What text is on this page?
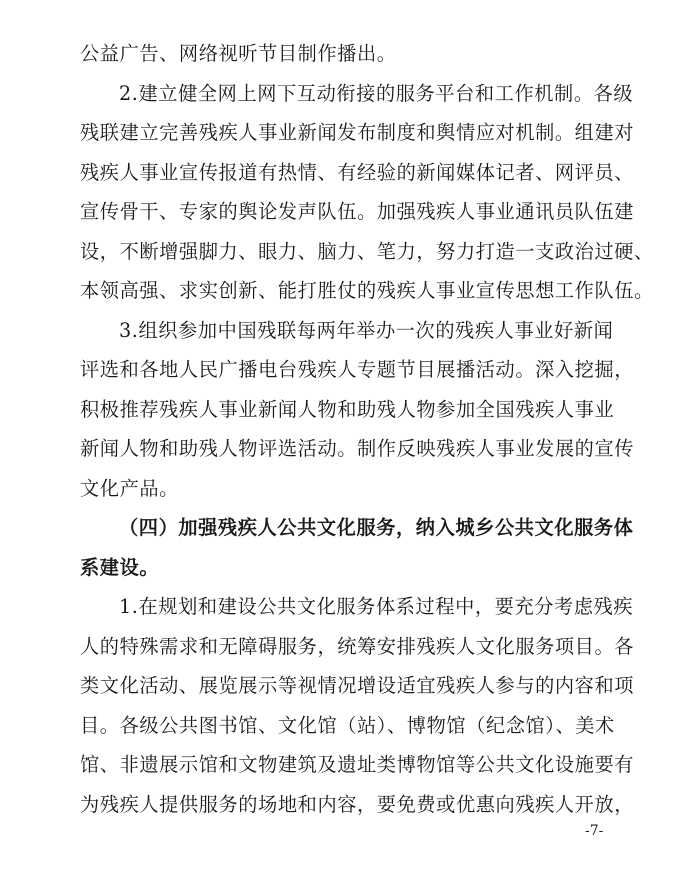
公益广告、网络视听节目制作播出。
2.建立健全网上网下互动衔接的服务平台和工作机制。各级
残联建立完善残疾人事业新闻发布制度和舆情应对机制。组建对
残疾人事业宣传报道有热情、有经验的新闻媒体记者、网评员、
宣传骨干、专家的舆论发声队伍。加强残疾人事业通讯员队伍建
设，不断增强脚力、眼力、脑力、笔力，努力打造一支政治过硬、
本领高强、求实创新、能打胜仗的残疾人事业宣传思想工作队伍。
3.组织参加中国残联每两年举办一次的残疾人事业好新闻
评选和各地人民广播电台残疾人专题节目展播活动。深入挖掘，
积极推荐残疾人事业新闻人物和助残人物参加全国残疾人事业
新闻人物和助残人物评选活动。制作反映残疾人事业发展的宣传
文化产品。
（四）加强残疾人公共文化服务，纳入城乡公共文化服务体
系建设。
1.在规划和建设公共文化服务体系过程中，要充分考虑残疾
人的特殊需求和无障碍服务，统筹安排残疾人文化服务项目。各
类文化活动、展览展示等视情况增设适宜残疾人参与的内容和项
目。各级公共图书馆、文化馆（站）、博物馆（纪念馆）、美术
馆、非遗展示馆和文物建筑及遗址类博物馆等公共文化设施要有
为残疾人提供服务的场地和内容，要免费或优惠向残疾人开放，
-7-
